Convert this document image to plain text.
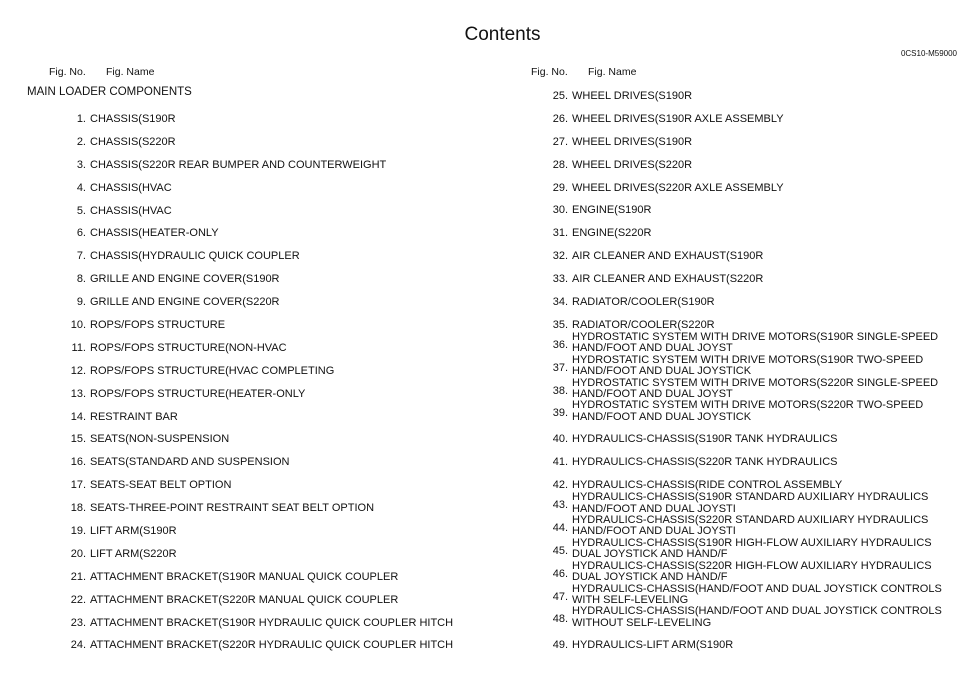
Contents
0CS10-M59000
Fig. No. Fig. Name	Fig. No. Fig. Name
MAIN LOADER COMPONENTS
1. CHASSIS(S190R
2. CHASSIS(S220R
3. CHASSIS(S220R REAR BUMPER AND COUNTERWEIGHT
4. CHASSIS(HVAC
5. CHASSIS(HVAC
6. CHASSIS(HEATER-ONLY
7. CHASSIS(HYDRAULIC QUICK COUPLER
8. GRILLE AND ENGINE COVER(S190R
9. GRILLE AND ENGINE COVER(S220R
10. ROPS/FOPS STRUCTURE
11. ROPS/FOPS STRUCTURE(NON-HVAC
12. ROPS/FOPS STRUCTURE(HVAC COMPLETING
13. ROPS/FOPS STRUCTURE(HEATER-ONLY
14. RESTRAINT BAR
15. SEATS(NON-SUSPENSION
16. SEATS(STANDARD AND SUSPENSION
17. SEATS-SEAT BELT OPTION
18. SEATS-THREE-POINT RESTRAINT SEAT BELT OPTION
19. LIFT ARM(S190R
20. LIFT ARM(S220R
21. ATTACHMENT BRACKET(S190R MANUAL QUICK COUPLER
22. ATTACHMENT BRACKET(S220R MANUAL QUICK COUPLER
23. ATTACHMENT BRACKET(S190R HYDRAULIC QUICK COUPLER HITCH
24. ATTACHMENT BRACKET(S220R HYDRAULIC QUICK COUPLER HITCH
25. WHEEL DRIVES(S190R
26. WHEEL DRIVES(S190R AXLE ASSEMBLY
27. WHEEL DRIVES(S190R
28. WHEEL DRIVES(S220R
29. WHEEL DRIVES(S220R AXLE ASSEMBLY
30. ENGINE(S190R
31. ENGINE(S220R
32. AIR CLEANER AND EXHAUST(S190R
33. AIR CLEANER AND EXHAUST(S220R
34. RADIATOR/COOLER(S190R
35. RADIATOR/COOLER(S220R
36.
HYDROSTATIC SYSTEM WITH DRIVE MOTORS(S190R SINGLE-SPEED HAND/FOOT AND DUAL JOYST
37.
HYDROSTATIC SYSTEM WITH DRIVE MOTORS(S190R TWO-SPEED HAND/FOOT AND DUAL JOYSTICK
38.
HYDROSTATIC SYSTEM WITH DRIVE MOTORS(S220R SINGLE-SPEED HAND/FOOT AND DUAL JOYST
39.
HYDROSTATIC SYSTEM WITH DRIVE MOTORS(S220R TWO-SPEED HAND/FOOT AND DUAL JOYSTICK
40. HYDRAULICS-CHASSIS(S190R TANK HYDRAULICS
41. HYDRAULICS-CHASSIS(S220R TANK HYDRAULICS
42. HYDRAULICS-CHASSIS(RIDE CONTROL ASSEMBLY
43.
HYDRAULICS-CHASSIS(S190R STANDARD AUXILIARY HYDRAULICS HAND/FOOT AND DUAL JOYSTI
44.
HYDRAULICS-CHASSIS(S220R STANDARD AUXILIARY HYDRAULICS HAND/FOOT AND DUAL JOYSTI
45.
HYDRAULICS-CHASSIS(S190R HIGH-FLOW AUXILIARY HYDRAULICS DUAL JOYSTICK AND HAND/F
46.
HYDRAULICS-CHASSIS(S220R HIGH-FLOW AUXILIARY HYDRAULICS DUAL JOYSTICK AND HAND/F
47.
HYDRAULICS-CHASSIS(HAND/FOOT AND DUAL JOYSTICK CONTROLS WITH SELF-LEVELING
48.
HYDRAULICS-CHASSIS(HAND/FOOT AND DUAL JOYSTICK CONTROLS WITHOUT SELF-LEVELING
49. HYDRAULICS-LIFT ARM(S190R
